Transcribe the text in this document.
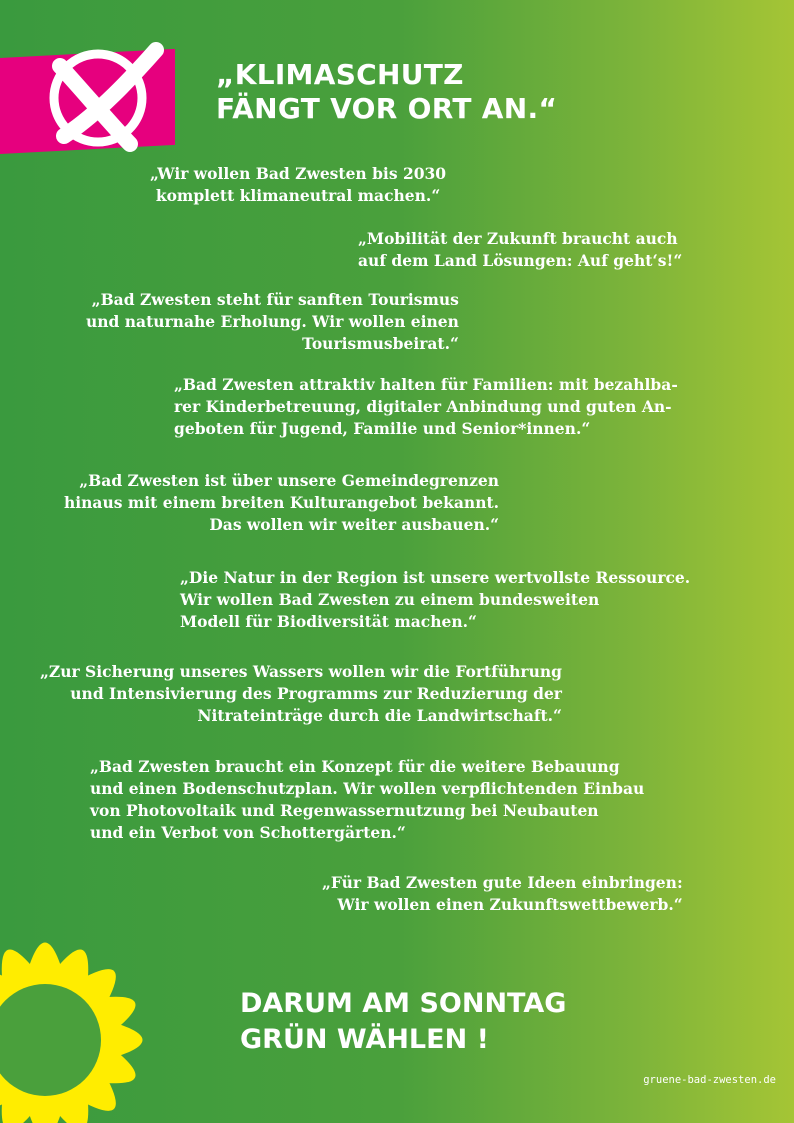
„KLIMASCHUTZ
FÄNGT VOR ORT AN.“

„Wir wollen Bad Zwesten bis 2030
komplett klimaneutral machen.“

„Mobilität der Zukunft braucht auch
auf dem Land Lösungen: Auf geht‘s!“

„Bad Zwesten steht für sanften Tourismus
und naturnahe Erholung. Wir wollen einen
Tourismusbeirat.“

„Bad Zwesten attraktiv halten für Familien: mit bezahlba-
rer Kinderbetreuung, digitaler Anbindung und guten An-
geboten für Jugend, Familie und Senior*innen.“

„Bad Zwesten ist über unsere Gemeindegrenzen
hinaus mit einem breiten Kulturangebot bekannt.
Das wollen wir weiter ausbauen.“

„Die Natur in der Region ist unsere wertvollste Ressource.
Wir wollen Bad Zwesten zu einem bundesweiten
Modell für Biodiversität machen.“

„Zur Sicherung unseres Wassers wollen wir die Fortführung
und Intensivierung des Programms zur Reduzierung der
Nitrateinträge durch die Landwirtschaft.“

„Bad Zwesten braucht ein Konzept für die weitere Bebauung
und einen Bodenschutzplan. Wir wollen verpflichtenden Einbau
von Photovoltaik und Regenwassernutzung bei Neubauten
und ein Verbot von Schottergärten.“

„Für Bad Zwesten gute Ideen einbringen:
Wir wollen einen Zukunftswettbewerb.“

DARUM AM SONNTAG
GRÜN WÄHLEN !
gruene-bad-zwesten.de
